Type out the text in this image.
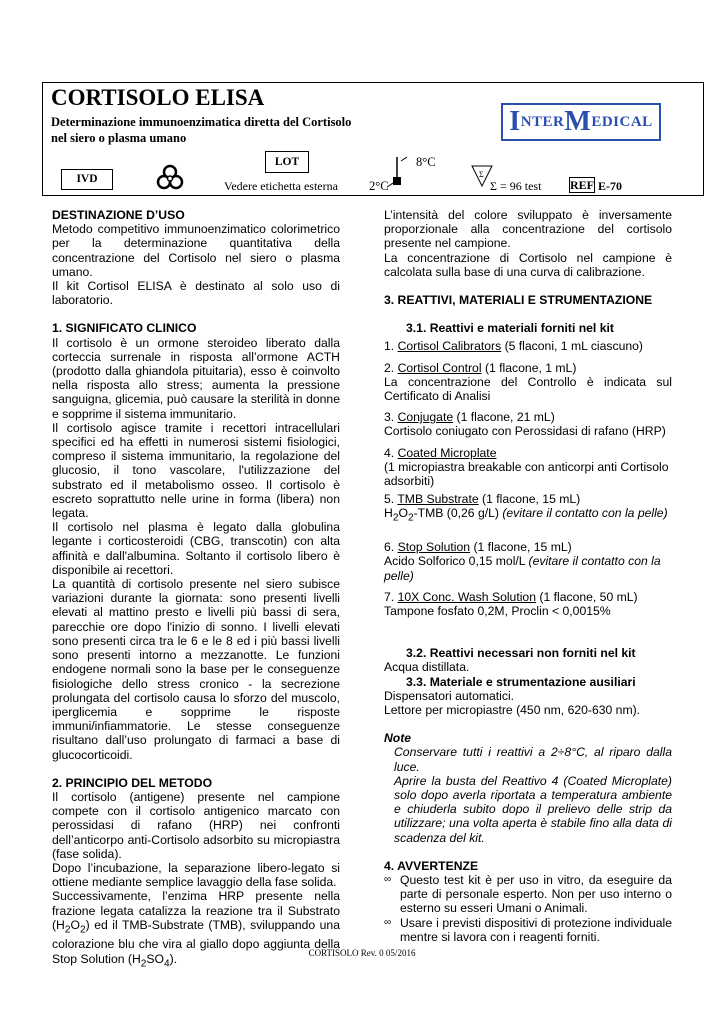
CORTISOLO ELISA
Determinazione immunoenzimatica diretta del Cortisolo
nel siero o plasma umano
I NTER M EDICAL
LOT
IVD	Vedere etichetta esterna
8°C
2°C
Σ
Σ = 96 test REF E-70

DESTINAZIONE D’USO

Metodo competitivo immunoenzimatico colorimetrico per la determinazione quantitativa della concentrazione del Cortisolo nel siero o plasma umano.

Il kit Cortisol ELISA è destinato al solo uso di laboratorio.

1. SIGNIFICATO CLINICO

Il cortisolo è un ormone steroideo liberato dalla corteccia surrenale in risposta all’ormone ACTH (prodotto dalla ghiandola pituitaria), esso è coinvolto nella risposta allo stress; aumenta la pressione sanguigna, glicemia, può causare la sterilità in donne e sopprime il sistema immunitario.

Il cortisolo agisce tramite i recettori intracellulari specifici ed ha effetti in numerosi sistemi fisiologici, compreso il sistema immunitario, la regolazione del glucosio, il tono vascolare, l'utilizzazione del substrato ed il metabolismo osseo. Il cortisolo è escreto soprattutto nelle urine in forma (libera) non legata.

Il cortisolo nel plasma è legato dalla globulina legante i corticosteroidi (CBG, transcotin) con alta affinità e dall'albumina. Soltanto il cortisolo libero è disponibile ai recettori.

La quantità di cortisolo presente nel siero subisce variazioni durante la giornata: sono presenti livelli elevati al mattino presto e livelli più bassi di sera, parecchie ore dopo l'inizio di sonno. I livelli elevati sono presenti circa tra le 6 e le 8 ed i più bassi livelli sono presenti intorno a mezzanotte. Le funzioni endogene normali sono la base per le conseguenze fisiologiche dello stress cronico - la secrezione prolungata del cortisolo causa lo sforzo del muscolo, iperglicemia e sopprime le risposte immuni/infiammatorie. Le stesse conseguenze risultano dall’uso prolungato di farmaci a base di glucocorticoidi.

2. PRINCIPIO DEL METODO

Il cortisolo (antigene) presente nel campione compete con il cortisolo antigenico marcato con perossidasi di rafano (HRP) nei confronti dell’anticorpo anti-Cortisolo adsorbito su micropiastra (fase solida).

Dopo l’incubazione, la separazione libero-legato si ottiene mediante semplice lavaggio della fase solida.

Successivamente, l’enzima HRP presente nella frazione legata catalizza la reazione tra il Substrato $(H_2O_2)$ ed il TMB-Substrate (TMB), sviluppando una colorazione blu che vira al giallo dopo aggiunta della Stop Solution $(H_2SO_4)$.

L’intensità del colore sviluppato è inversamente proporzionale alla concentrazione del cortisolo presente nel campione.

La concentrazione di Cortisolo nel campione è calcolata sulla base di una curva di calibrazione.

3. REATTIVI, MATERIALI E STRUMENTAZIONE

3.1. Reattivi e materiali forniti nel kit

1. Cortisol Calibrators (5 flaconi, 1 mL ciascuno)

2. Cortisol Control (1 flacone, 1 mL)

La concentrazione del Controllo è indicata sul Certificato di Analisi

3. Conjugate (1 flacone, 21 mL)

Cortisolo coniugato con Perossidasi di rafano (HRP)

4. Coated Microplate

(1 micropiastra breakable con anticorpi anti Cortisolo adsorbiti)

5. TMB Substrate (1 flacone, 15 mL)

$H_2O_2$-TMB (0,26 g/L) (evitare il contatto con la pelle)

6. Stop Solution (1 flacone, 15 mL)

Acido Solforico 0,15 mol/L (evitare il contatto con la pelle)

7. 10X Conc. Wash Solution (1 flacone, 50 mL)

Tampone fosfato 0,2M, Proclin < 0,0015%

3.2. Reattivi necessari non forniti nel kit

Acqua distillata.

3.3. Materiale e strumentazione ausiliari

Dispensatori automatici.

Lettore per micropiastre (450 nm, 620-630 nm).

Note

Conservare tutti i reattivi a 2÷8°C, al riparo dalla luce.

Aprire la busta del Reattivo 4 (Coated Microplate) solo dopo averla riportata a temperatura ambiente e chiuderla subito dopo il prelievo delle strip da utilizzare; una volta aperta è stabile fino alla data di scadenza del kit.

4. AVVERTENZE

∞ Questo test kit è per uso in vitro, da eseguire da parte di personale esperto. Non per uso interno o esterno su esseri Umani o Animali.
∞ Usare i previsti dispositivi di protezione individuale mentre si lavora con i reagenti forniti.
CORTISOLO Rev. 0 05/2016
